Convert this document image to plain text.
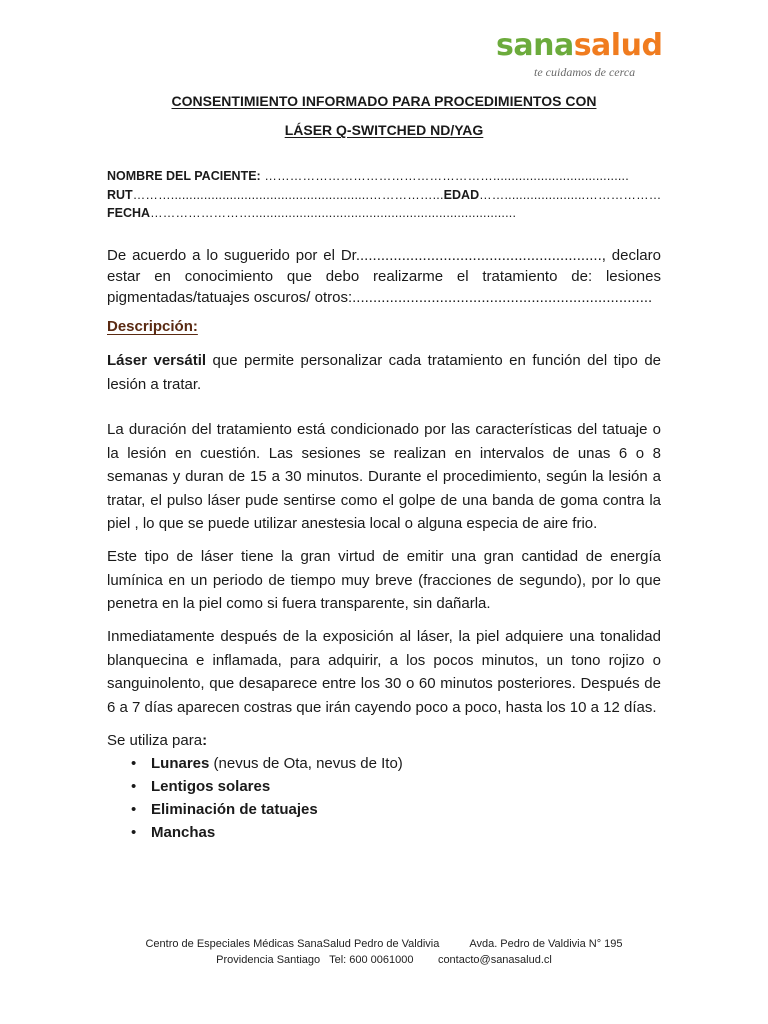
sanasalud
te cuidamos de cerca
CONSENTIMIENTO INFORMADO PARA PROCEDIMIENTOS CON
LÁSER Q-SWITCHED ND/YAG
NOMBRE DEL PACIENTE: ……………………………………………….....................................
RUT………......................................................……………...EDAD……......................………………
FECHA……………………........................................................................
De acuerdo a lo suguerido por el Dr..........................................................., declaro estar en conocimiento que debo realizarme el tratamiento de: lesiones pigmentadas/tatuajes oscuros/ otros:........................................................................
Descripción:
Láser versátil que permite personalizar cada tratamiento en función del tipo de lesión a tratar.
La duración del tratamiento está condicionado por las características del tatuaje o la lesión en cuestión. Las sesiones se realizan en intervalos de unas 6 o 8 semanas y duran de 15 a 30 minutos. Durante el procedimiento, según la lesión a tratar, el pulso láser pude sentirse como el golpe de una banda de goma contra la piel , lo que se puede utilizar anestesia local o alguna especia de aire frio.
Este tipo de láser tiene la gran virtud de emitir una gran cantidad de energía lumínica en un periodo de tiempo muy breve (fracciones de segundo), por lo que penetra en la piel como si fuera transparente, sin dañarla.
Inmediatamente después de la exposición al láser, la piel adquiere una tonalidad blanquecina e inflamada, para adquirir, a los pocos minutos, un tono rojizo o sanguinolento, que desaparece entre los 30 o 60 minutos posteriores. Después de 6 a 7 días aparecen costras que irán cayendo poco a poco, hasta los 10 a 12 días.
Se utiliza para:
• Lunares (nevus de Ota, nevus de Ito)
• Lentigos solares
• Eliminación de tatuajes
• Manchas
Centro de Especiales Médicas SanaSalud Pedro de Valdivia          Avda. Pedro de Valdivia N° 195
Providencia Santiago   Tel: 600 0061000        contacto@sanasalud.cl
